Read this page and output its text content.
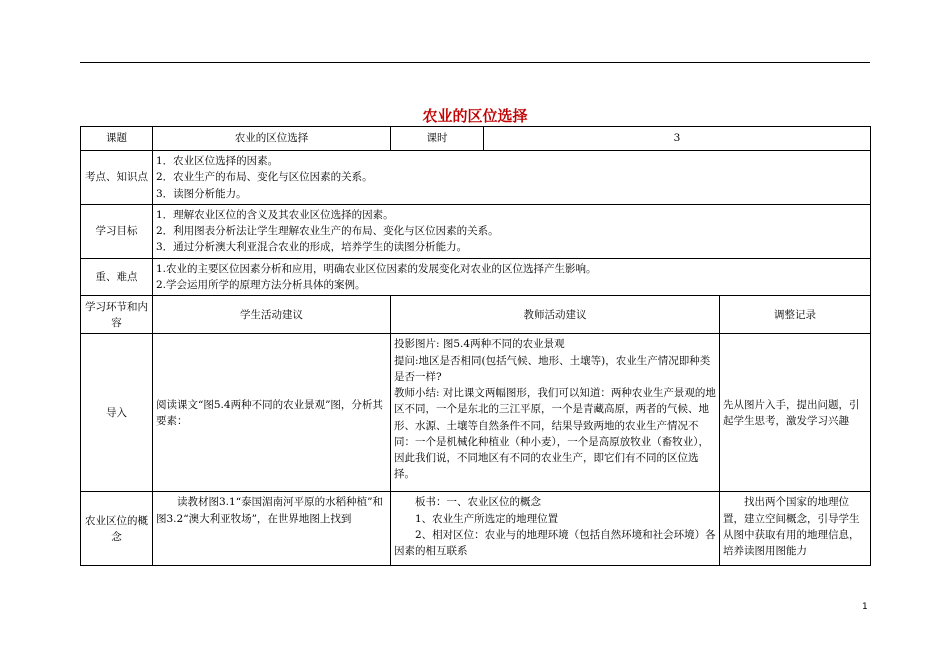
农业的区位选择
课题	农业的区位选择	课时	3	
考点、知识点	1．农业区位选择的因素。
2．农业生产的布局、变化与区位因素的关系。
3．读图分析能力。			

学习目标	1．理解农业区位的含义及其农业区位选择的因素。
2．利用图表分析法让学生理解农业生产的布局、变化与区位因素的关系。
3．通过分析澳大利亚混合农业的形成，培养学生的读图分析能力。			

重、难点	1.农业的主要区位因素分析和应用，明确农业区位因素的发展变化对农业的区位选择产生影响。
2.学会运用所学的原理方法分析具体的案例。			

学习环节和内容	学生活动建议	教师活动建议		调整记录
导入	阅读课文“图5.4两种不同的农业景观”图，分析其要素：	投影图片: 图5.4两种不同的农业景观
提问:地区是否相同(包括气候、地形、土壤等)，农业生产情况即种类是否一样?
教师小结: 对比课文两幅图形，我们可以知道：两种农业生产景观的地区不同，一个是东北的三江平原，一个是青藏高原，两者的气候、地形、水源、土壤等自然条件不同，结果导致两地的农业生产情况不同：一个是机械化种植业（种小麦），一个是高原放牧业（畜牧业），因此我们说，不同地区有不同的农业生产，即它们有不同的区位选择。		先从图片入手，提出问题，引起学生思考，激发学习兴趣
农业区位的概念	读教材图3.1“泰国湄南河平原的水稻种植”和图3.2“澳大利亚牧场”，在世界地图上找到	板书：一、农业区位的概念
1、农业生产所选定的地理位置
2、相对区位：农业与的地理环境（包括自然环境和社会环境）各因素的相互联系		找出两个国家的地理位置，建立空间概念，引导学生从图中获取有用的地理信息，培养读图用图能力
1
